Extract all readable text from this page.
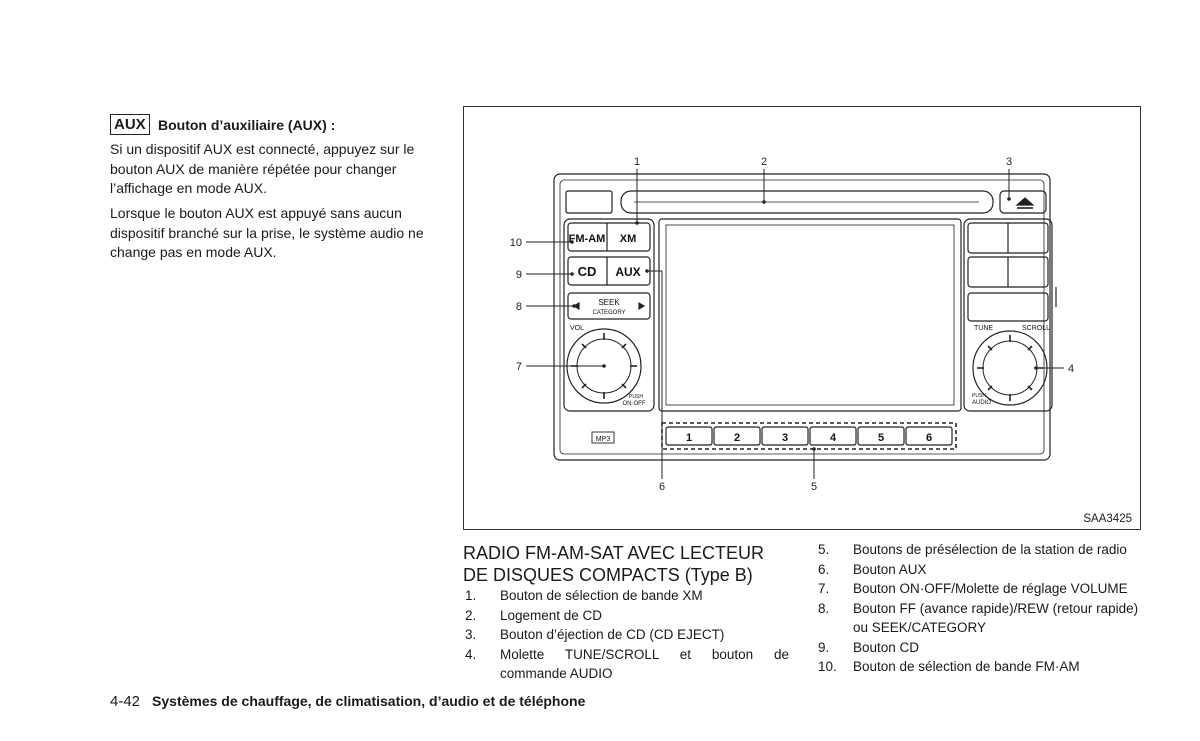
AUX Bouton d’auxiliaire (AUX) :
Si un dispositif AUX est connecté, appuyez sur le bouton AUX de manière répétée pour changer l’affichage en mode AUX.
Lorsque le bouton AUX est appuyé sans aucun dispositif branché sur la prise, le système audio ne change pas en mode AUX.
FM-AM XM
CD AUX
SEEK
CATEGORY
VOL
PUSH
ON·OFF
TUNE	SCROLL
PUSH
AUDIO
MP3	1	2	3	4	5	6
1	2	3
4
5
6
7
8
9
10
SAA3425
RADIO FM-AM-SAT AVEC LECTEUR
DE DISQUES COMPACTS (Type B)
1.	Bouton de sélection de bande XM
2.	Logement de CD
3.	Bouton d’éjection de CD (CD EJECT)
4.	Molette TUNE/SCROLL et bouton de commande AUDIO
5.	Boutons de présélection de la station de radio
6.	Bouton AUX
7.	Bouton ON·OFF/Molette de réglage VOLUME
8.	Bouton FF (avance rapide)/REW (retour rapide) ou SEEK/CATEGORY
9.	Bouton CD
10.	Bouton de sélection de bande FM·AM
4-42 Systèmes de chauffage, de climatisation, d’audio et de téléphone
